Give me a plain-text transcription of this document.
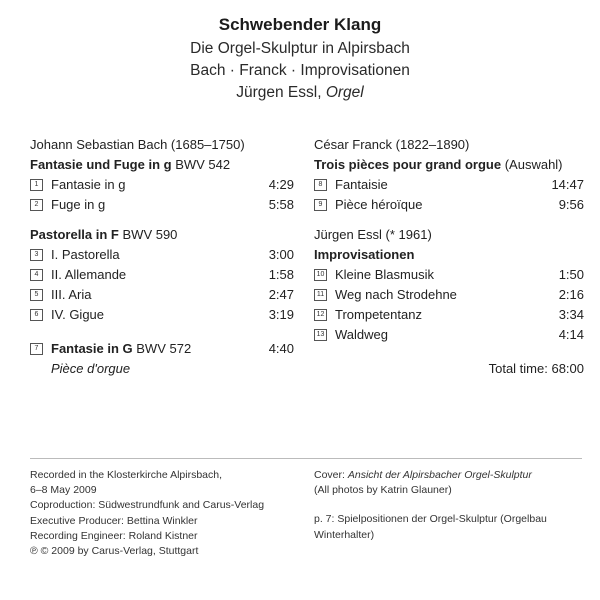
Schwebender Klang
Die Orgel-Skulptur in Alpirsbach
Bach · Franck · Improvisationen
Jürgen Essl, Orgel
Johann Sebastian Bach (1685–1750)
Fantasie und Fuge in g BWV 542
1 Fantasie in g	4:29
2 Fuge in g	5:58
Pastorella in F BWV 590
3 I. Pastorella	3:00
4 II. Allemande	1:58
5 III. Aria	2:47
6 IV. Gigue	3:19
7 Fantasie in G BWV 572	4:40
Pièce d'orgue
César Franck (1822–1890)
Trois pièces pour grand orgue (Auswahl)
8 Fantaisie	14:47
9 Pièce héroïque	9:56
Jürgen Essl (* 1961)
Improvisationen
10 Kleine Blasmusik	1:50
11 Weg nach Strodehne	2:16
12 Trompetentanz	3:34
13 Waldweg	4:14
Total time: 68:00
Recorded in the Klosterkirche Alpirsbach,
6–8 May 2009
Coproduction: Südwestrundfunk and Carus-Verlag
Executive Producer: Bettina Winkler
Recording Engineer: Roland Kistner
℗ © 2009 by Carus-Verlag, Stuttgart
Cover: Ansicht der Alpirsbacher Orgel-Skulptur
(All photos by Katrin Glauner)
p. 7: Spielpositionen der Orgel-Skulptur (Orgelbau
Winterhalter)
